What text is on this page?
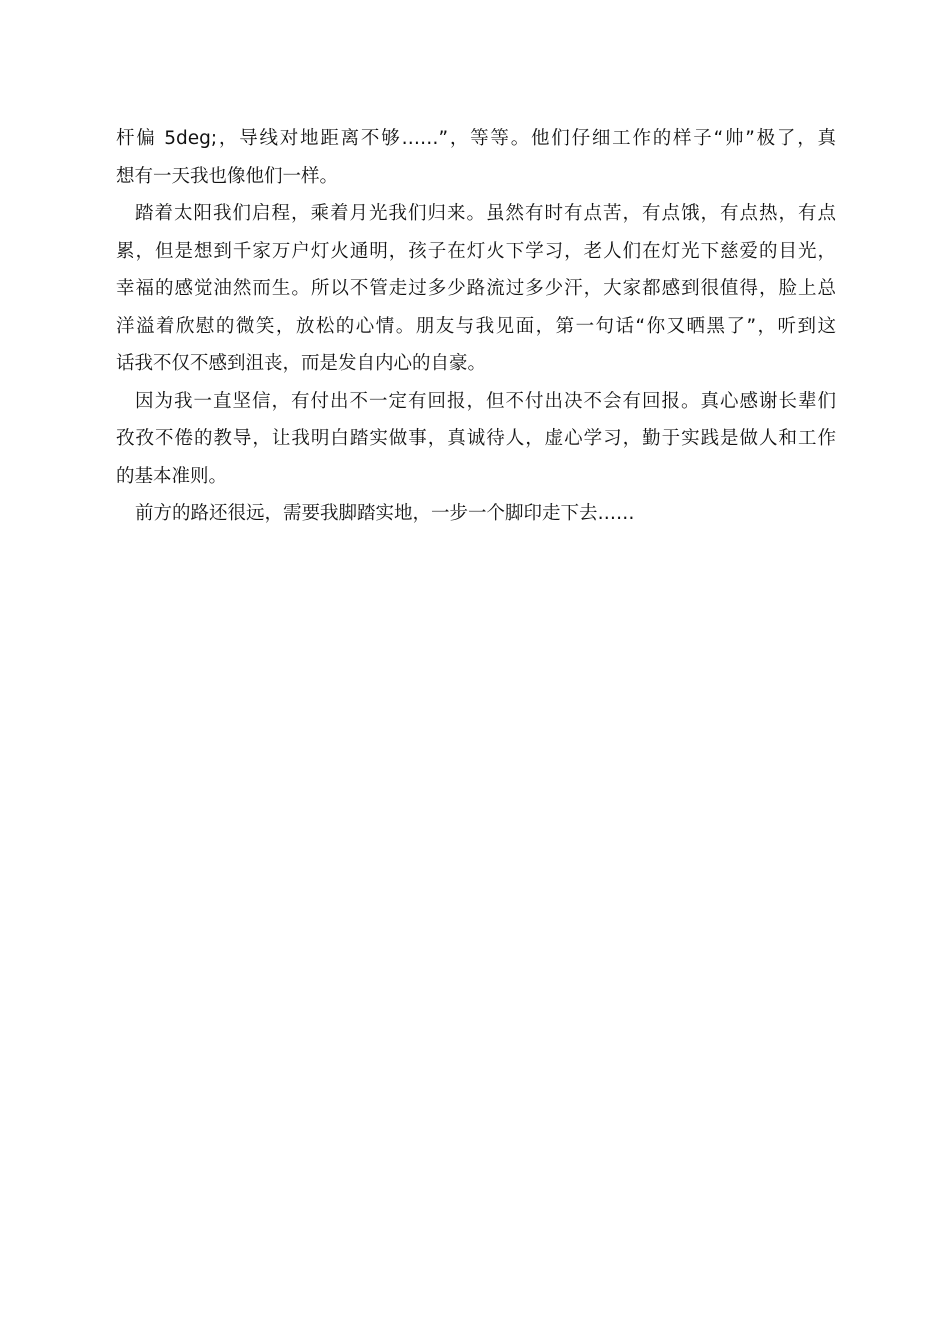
杆偏 5deg;，导线对地距离不够……”，等等。他们仔细工作的样子“帅”极了，真
想有一天我也像他们一样。
踏着太阳我们启程，乘着月光我们归来。虽然有时有点苦，有点饿，有点热，有点
累，但是想到千家万户灯火通明，孩子在灯火下学习，老人们在灯光下慈爱的目光，
幸福的感觉油然而生。所以不管走过多少路流过多少汗，大家都感到很值得，脸上总
洋溢着欣慰的微笑，放松的心情。朋友与我见面，第一句话“你又晒黑了”，听到这
话我不仅不感到沮丧，而是发自内心的自豪。
因为我一直坚信，有付出不一定有回报，但不付出决不会有回报。真心感谢长辈们
孜孜不倦的教导，让我明白踏实做事，真诚待人，虚心学习，勤于实践是做人和工作
的基本准则。
前方的路还很远，需要我脚踏实地，一步一个脚印走下去……
